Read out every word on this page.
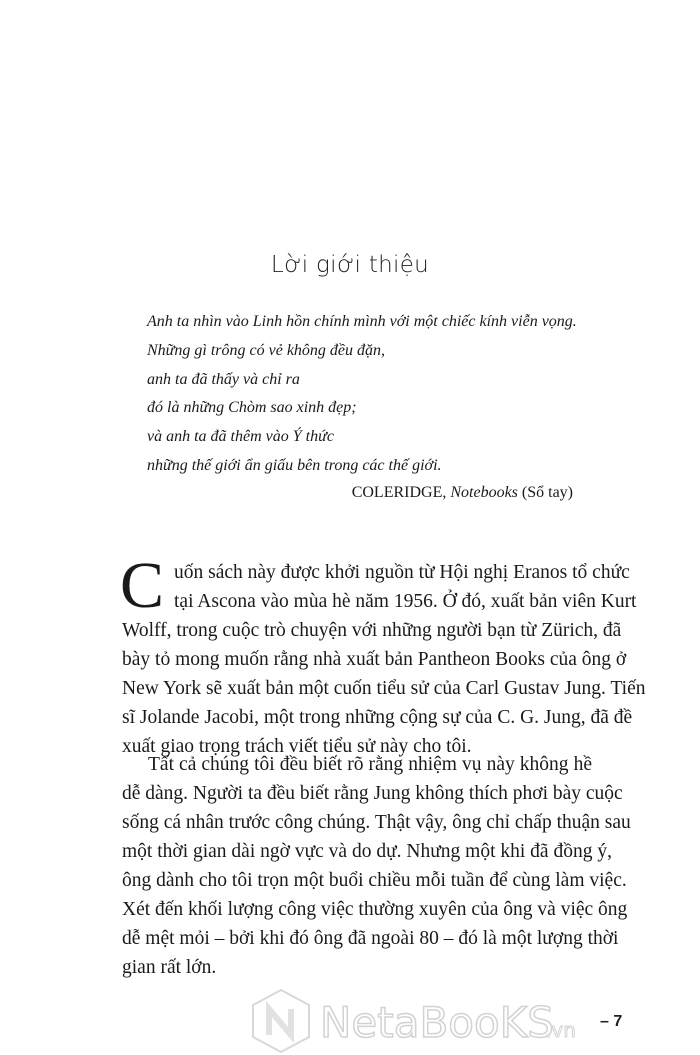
Lời giới thiệu
Anh ta nhìn vào Linh hồn chính mình với một chiếc kính viễn vọng.
Những gì trông có vẻ không đều đặn,
anh ta đã thấy và chỉ ra
đó là những Chòm sao xinh đẹp;
và anh ta đã thêm vào Ý thức
những thế giới ẩn giấu bên trong các thế giới.
COLERIDGE, Notebooks (Sổ tay)
C uốn sách này được khởi nguồn từ Hội nghị Eranos tổ chức
tại Ascona vào mùa hè năm 1956. Ở đó, xuất bản viên Kurt
Wolff, trong cuộc trò chuyện với những người bạn từ Zürich, đã
bày tỏ mong muốn rằng nhà xuất bản Pantheon Books của ông ở
New York sẽ xuất bản một cuốn tiểu sử của Carl Gustav Jung. Tiến
sĩ Jolande Jacobi, một trong những cộng sự của C. G. Jung, đã đề
xuất giao trọng trách viết tiểu sử này cho tôi.
Tất cả chúng tôi đều biết rõ rằng nhiệm vụ này không hề
dễ dàng. Người ta đều biết rằng Jung không thích phơi bày cuộc
sống cá nhân trước công chúng. Thật vậy, ông chỉ chấp thuận sau
một thời gian dài ngờ vực và do dự. Nhưng một khi đã đồng ý,
ông dành cho tôi trọn một buổi chiều mỗi tuần để cùng làm việc.
Xét đến khối lượng công việc thường xuyên của ông và việc ông
dễ mệt mỏi – bởi khi đó ông đã ngoài 80 – đó là một lượng thời
gian rất lớn.
NetaBooKS
.vn – 7
